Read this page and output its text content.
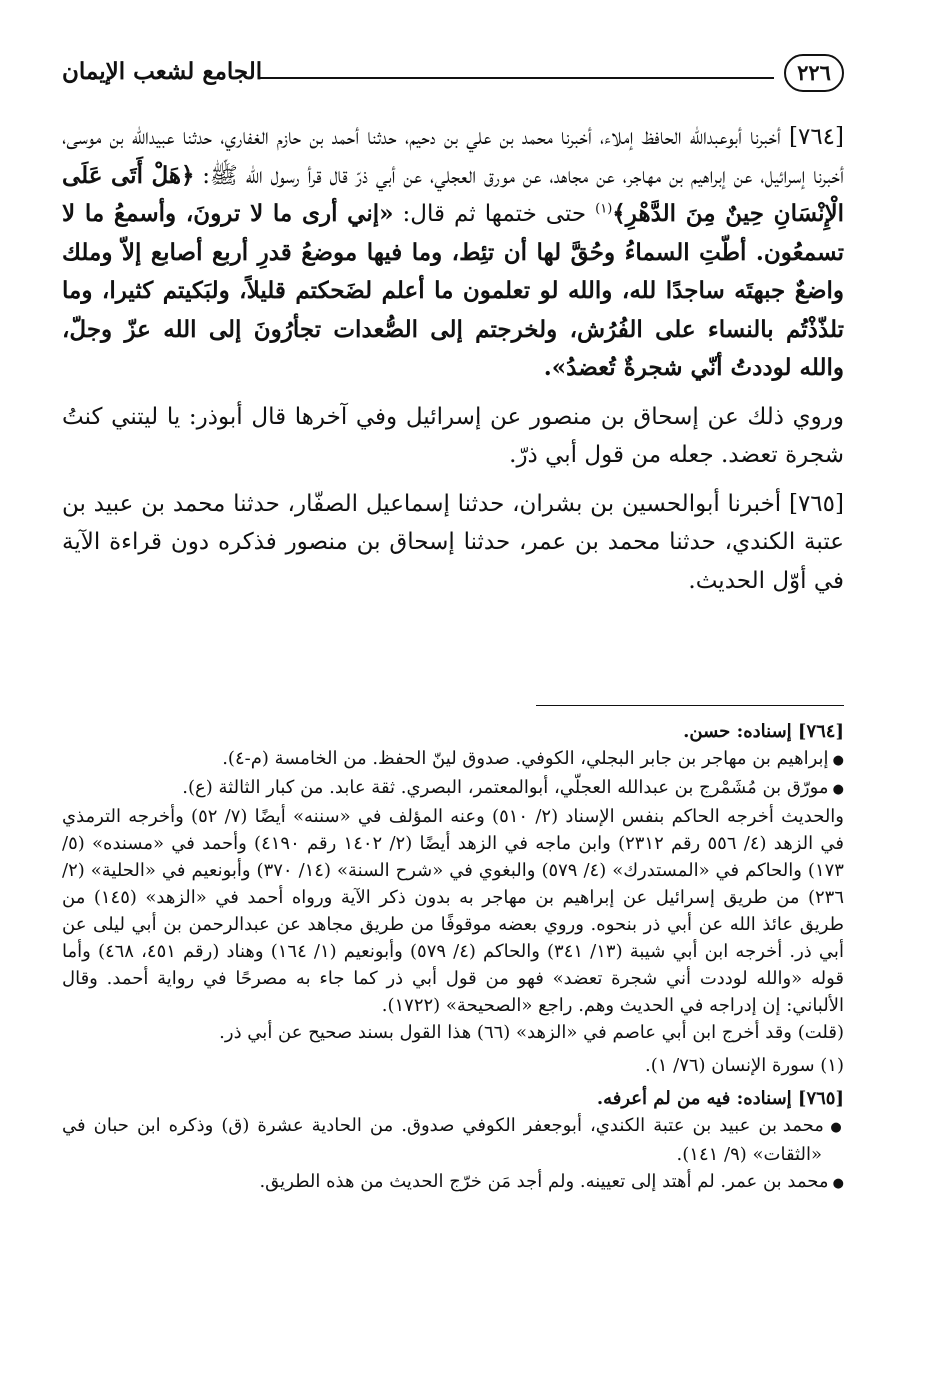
الجامع لشعب الإيمان	٢٢٦

[٧٦٤] أخبرنا أبوعبدالله الحافظ إملاء، أخبرنا محمد بن علي بن دحيم، حدثنا أحمد بن حازم الغفاري، حدثنا عبيدالله بن موسى، أخبرنا إسرائيل، عن إبراهيم بن مهاجر، عن مجاهد، عن مورق العجلي، عن أبي ذرّ قال قرأ رسول الله ﷺ: ﴿هَلْ أَتَى عَلَى الْإِنْسَانِ حِينٌ مِنَ الدَّهْرِ﴾$^{(١)}$ حتى ختمها ثم قال: «إني أرى ما لا ترونَ، وأسمعُ ما لا تسمعُون. أطّتِ السماءُ وحُقَّ لها أن تئِط، وما فيها موضعُ قدرِ أربع أصابع إلاّ وملك واضعٌ جبهتَه ساجدًا لله، والله لو تعلمون ما أعلم لضَحكتم قليلاً، ولبَكيتم كثيرا، وما تلذّذْتُم بالنساء على الفُرُش، ولخرجتم إلى الصُّعدات تجأرُونَ إلى الله عزّ وجلّ، والله لوددتُ أنّي شجرةٌ تُعضدُ».

وروي ذلك عن إسحاق بن منصور عن إسرائيل وفي آخرها قال أبوذر: يا ليتني كنتُ شجرة تعضد. جعله من قول أبي ذرّ.

[٧٦٥] أخبرنا أبوالحسين بن بشران، حدثنا إسماعيل الصفّار، حدثنا محمد بن عبيد بن عتبة الكندي، حدثنا محمد بن عمر، حدثنا إسحاق بن منصور فذكره دون قراءة الآية في أوّل الحديث.

[٧٦٤] إسناده: حسن.

● إبراهيم بن مهاجر بن جابر البجلي، الكوفي. صدوق لينّ الحفظ. من الخامسة (م-٤).

● مورّق بن مُشَمْرج بن عبدالله العجلّي، أبوالمعتمر، البصري. ثقة عابد. من كبار الثالثة (ع).

والحديث أخرجه الحاكم بنفس الإسناد (٢/ ٥١٠) وعنه المؤلف في «سننه» أيضًا (٧/ ٥٢) وأخرجه الترمذي في الزهد (٤/ ٥٥٦ رقم ٢٣١٢) وابن ماجه في الزهد أيضًا (٢/ ١٤٠٢ رقم ٤١٩٠) وأحمد في «مسنده» (٥/ ١٧٣) والحاكم في «المستدرك» (٤/ ٥٧٩) والبغوي في «شرح السنة» (١٤/ ٣٧٠) وأبونعيم في «الحلية» (٢/ ٢٣٦) من طريق إسرائيل عن إبراهيم بن مهاجر به بدون ذكر الآية ورواه أحمد في «الزهد» (١٤٥) من طريق عائذ الله عن أبي ذر بنحوه. وروي بعضه موقوفًا من طريق مجاهد عن عبدالرحمن بن أبي ليلى عن أبي ذر. أخرجه ابن أبي شيبة (١٣/ ٣٤١) والحاكم (٤/ ٥٧٩) وأبونعيم (١/ ١٦٤) وهناد (رقم ٤٥١، ٤٦٨) وأما قوله «والله لوددت أني شجرة تعضد» فهو من قول أبي ذر كما جاء به مصرحًا في رواية أحمد. وقال الألباني: إن إدراجه في الحديث وهم. راجع «الصحيحة» (١٧٢٢).

(قلت) وقد أخرج ابن أبي عاصم في «الزهد» (٦٦) هذا القول بسند صحيح عن أبي ذر.

(١) سورة الإنسان (٧٦/ ١).

[٧٦٥] إسناده: فيه من لم أعرفه.

● محمد بن عبيد بن عتبة الكندي، أبوجعفر الكوفي صدوق. من الحادية عشرة (ق) وذكره ابن حبان في «الثقات» (٩/ ١٤١).

● محمد بن عمر. لم أهتد إلى تعيينه. ولم أجد مَن خرّج الحديث من هذه الطريق.
